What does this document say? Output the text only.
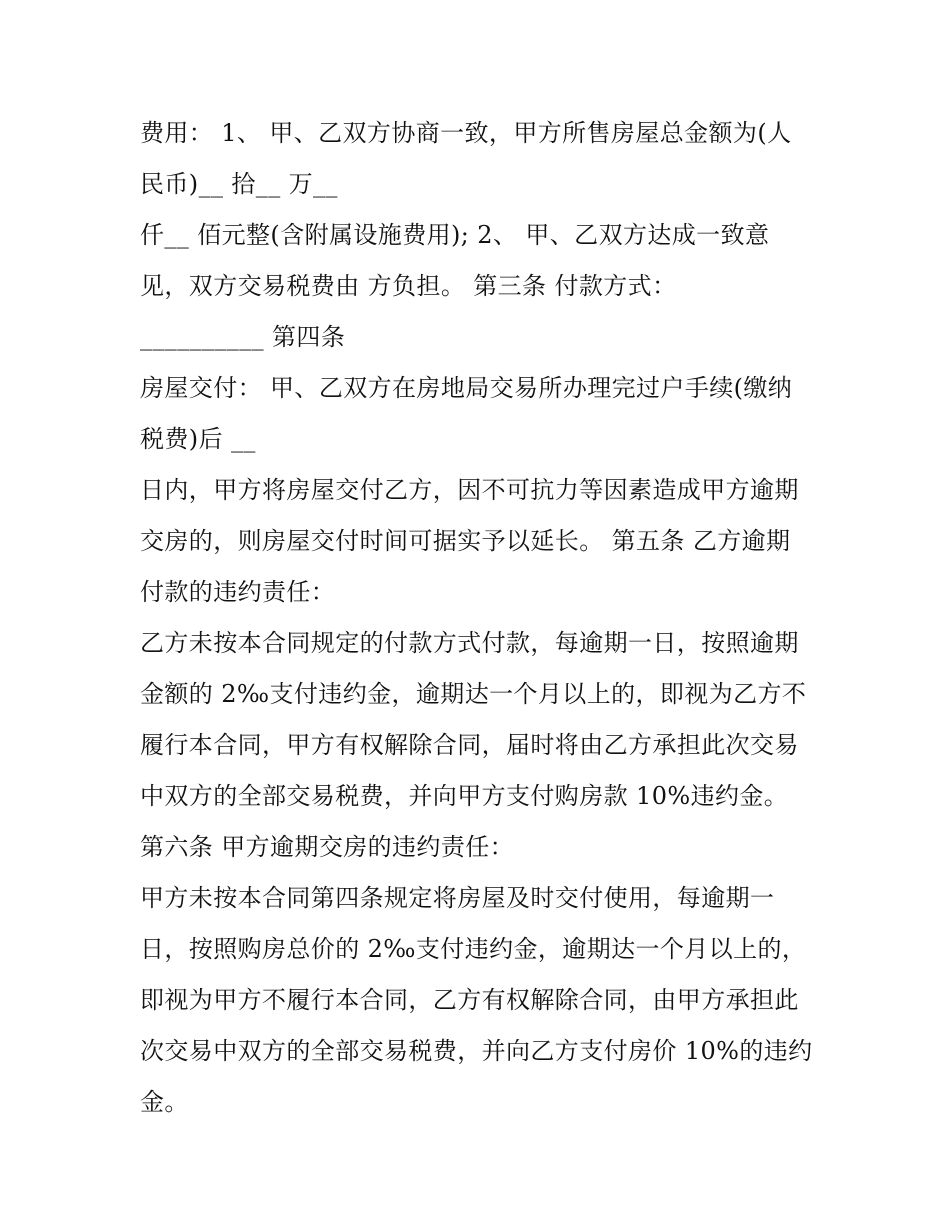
费用： 1、 甲、乙双方协商一致，甲方所售房屋总金额为(人
民币)__ 拾__ 万__
仟__ 佰元整(含附属设施费用); 2、 甲、乙双方达成一致意
见，双方交易税费由 方负担。 第三条 付款方式：
__________ 第四条
房屋交付： 甲、乙双方在房地局交易所办理完过户手续(缴纳
税费)后 __
日内，甲方将房屋交付乙方，因不可抗力等因素造成甲方逾期
交房的，则房屋交付时间可据实予以延长。 第五条 乙方逾期
付款的违约责任：
乙方未按本合同规定的付款方式付款，每逾期一日，按照逾期
金额的 2‰支付违约金，逾期达一个月以上的，即视为乙方不
履行本合同，甲方有权解除合同，届时将由乙方承担此次交易
中双方的全部交易税费，并向甲方支付购房款 10%违约金。
第六条 甲方逾期交房的违约责任：
甲方未按本合同第四条规定将房屋及时交付使用，每逾期一
日，按照购房总价的 2‰支付违约金，逾期达一个月以上的，
即视为甲方不履行本合同，乙方有权解除合同，由甲方承担此
次交易中双方的全部交易税费，并向乙方支付房价 10%的违约
金。
